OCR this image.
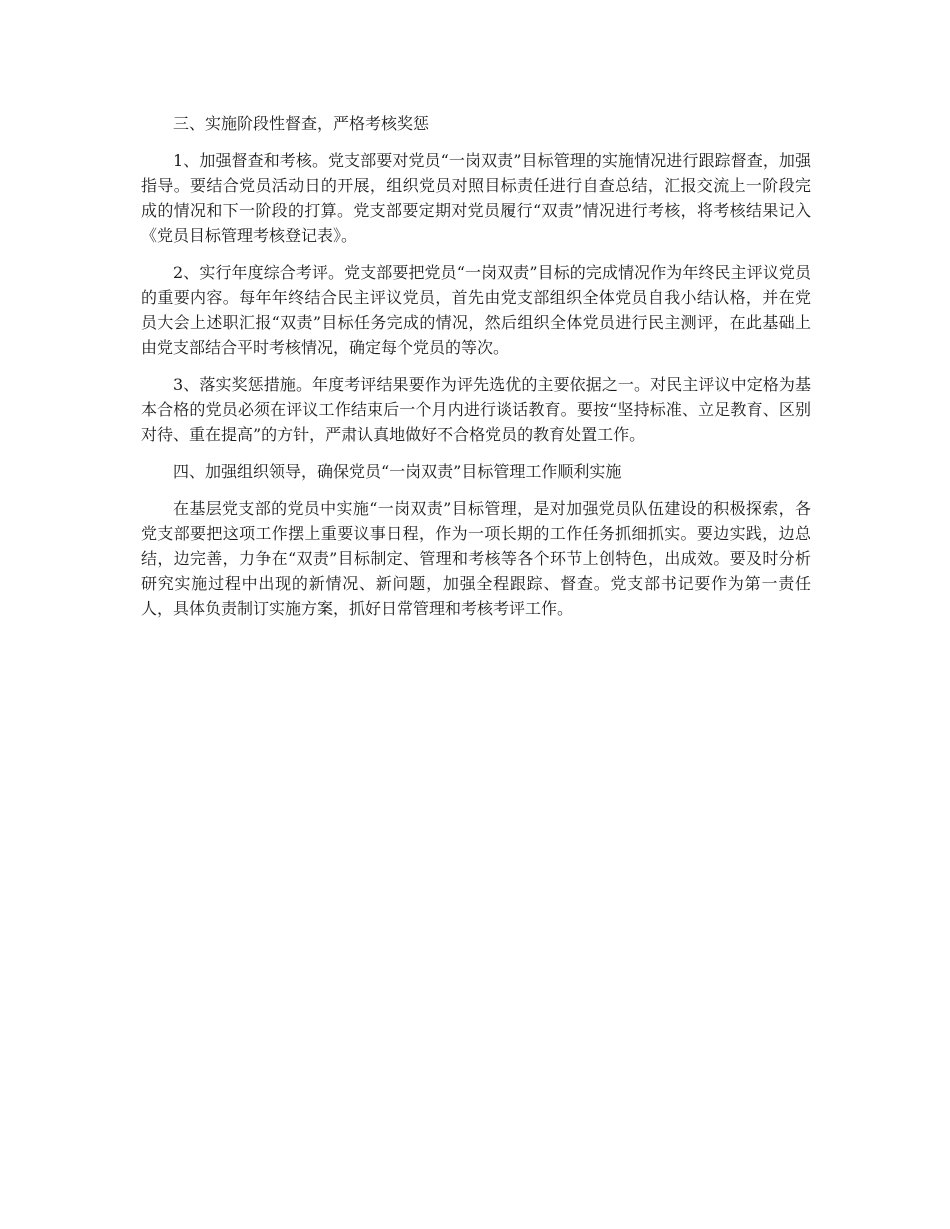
三、实施阶段性督查，严格考核奖惩

1、加强督查和考核。党支部要对党员“一岗双责”目标管理的实施情况进行跟踪督查，加强指导。要结合党员活动日的开展，组织党员对照目标责任进行自查总结，汇报交流上一阶段完成的情况和下一阶段的打算。党支部要定期对党员履行“双责”情况进行考核，将考核结果记入《党员目标管理考核登记表》。

2、实行年度综合考评。党支部要把党员“一岗双责”目标的完成情况作为年终民主评议党员的重要内容。每年年终结合民主评议党员，首先由党支部组织全体党员自我小结认格，并在党员大会上述职汇报“双责”目标任务完成的情况，然后组织全体党员进行民主测评，在此基础上由党支部结合平时考核情况，确定每个党员的等次。

3、落实奖惩措施。年度考评结果要作为评先选优的主要依据之一。对民主评议中定格为基本合格的党员必须在评议工作结束后一个月内进行谈话教育。要按“坚持标准、立足教育、区别对待、重在提高”的方针，严肃认真地做好不合格党员的教育处置工作。

四、加强组织领导，确保党员“一岗双责”目标管理工作顺利实施

在基层党支部的党员中实施“一岗双责”目标管理，是对加强党员队伍建设的积极探索，各党支部要把这项工作摆上重要议事日程，作为一项长期的工作任务抓细抓实。要边实践，边总结，边完善，力争在“双责”目标制定、管理和考核等各个环节上创特色，出成效。要及时分析研究实施过程中出现的新情况、新问题，加强全程跟踪、督查。党支部书记要作为第一责任人，具体负责制订实施方案，抓好日常管理和考核考评工作。
